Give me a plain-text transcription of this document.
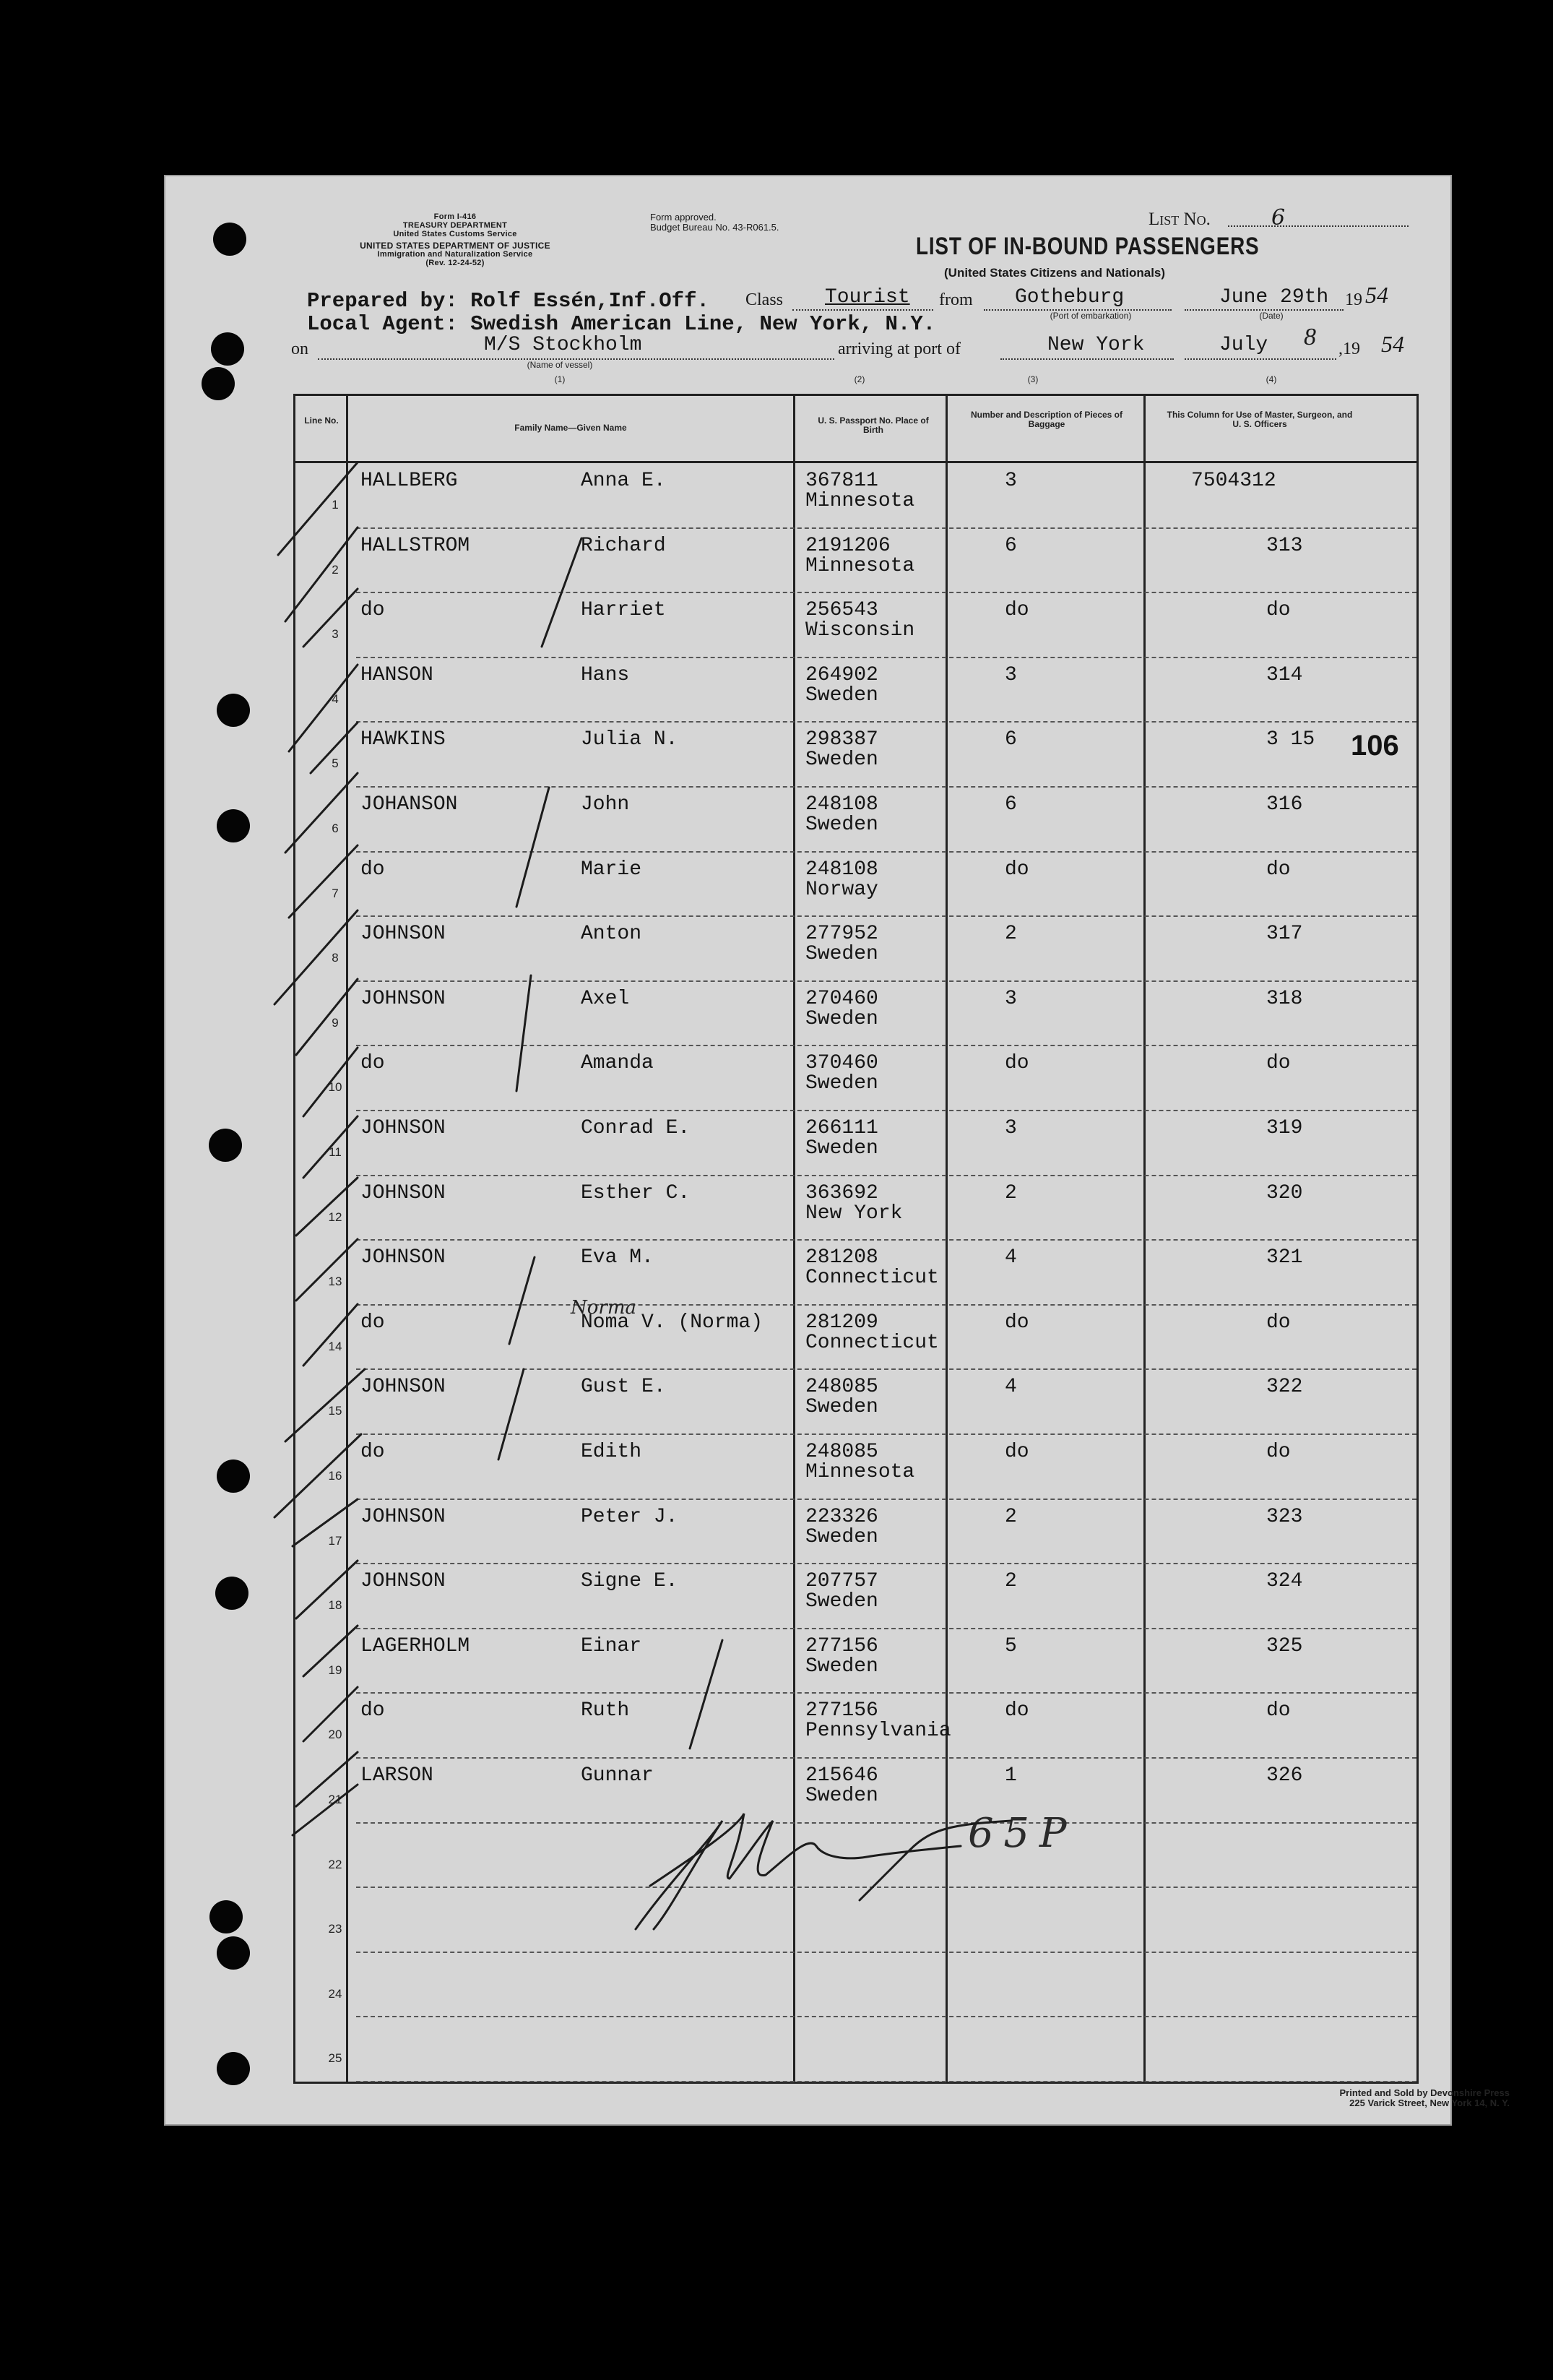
Form I-416
TREASURY DEPARTMENT
United States Customs Service
UNITED STATES DEPARTMENT OF JUSTICE
Immigration and Naturalization Service
(Rev. 12-24-52)
Form approved.
Budget Bureau No. 43-R061.5.	List No.	6
LIST OF IN-BOUND PASSENGERS
(United States Citizens and Nationals)
Prepared by: Rolf Essén,Inf.Off. Class Tourist from Gotheburg
(Port of embarkation)
June 29th
(Date)
19 54
Local Agent: Swedish American Line, New York, N.Y.
on	M/S Stockholm
(Name of vessel)
(1)
arriving at port of
(2)
New York
(3)
July 8
(4)
,19 54
Line No.
Family Name—Given Name
U. S. Passport No. Place of Birth
Number and Description of Pieces of Baggage
This Column for Use of Master, Surgeon, and U. S. Officers
1
HALLBERG	Anna E.	367811
Minnesota
3	7504312
2
HALLSTROM	Richard	2191206
Minnesota
6	313
3
do	Harriet	256543
Wisconsin
do	do
4
HANSON	Hans	264902
Sweden
3	314
5
HAWKINS	Julia N.	298387
Sweden
6	3 15
6
JOHANSON	John	248108
Sweden
6	316
7
do	Marie	248108
Norway
do	do
8
JOHNSON	Anton	277952
Sweden
2	317
9
JOHNSON	Axel	270460
Sweden
3	318
10
do	Amanda	370460
Sweden
do	do
11
JOHNSON	Conrad E.	266111
Sweden
3	319
12
JOHNSON	Esther C.	363692
New York
2	320
13
JOHNSON	Eva M.	281208
Connecticut
4	321
14
do	Noma V. (Norma) 281209
Connecticut
do	do
15
JOHNSON	Gust E.	248085
Sweden
4	322
16
do	Edith	248085
Minnesota
do	do
17
JOHNSON	Peter J.	223326
Sweden
2	323
18
JOHNSON	Signe E.	207757
Sweden
2	324
19
LAGERHOLM	Einar	277156
Sweden
5	325
20
do	Ruth	277156
Pennsylvania
do	do
21
LARSON	Gunnar	215646
Sweden
1	326
22
23
24
25
106
Norma
6 5 P
Printed and Sold by Devonshire Press
225 Varick Street, New York 14, N. Y.
